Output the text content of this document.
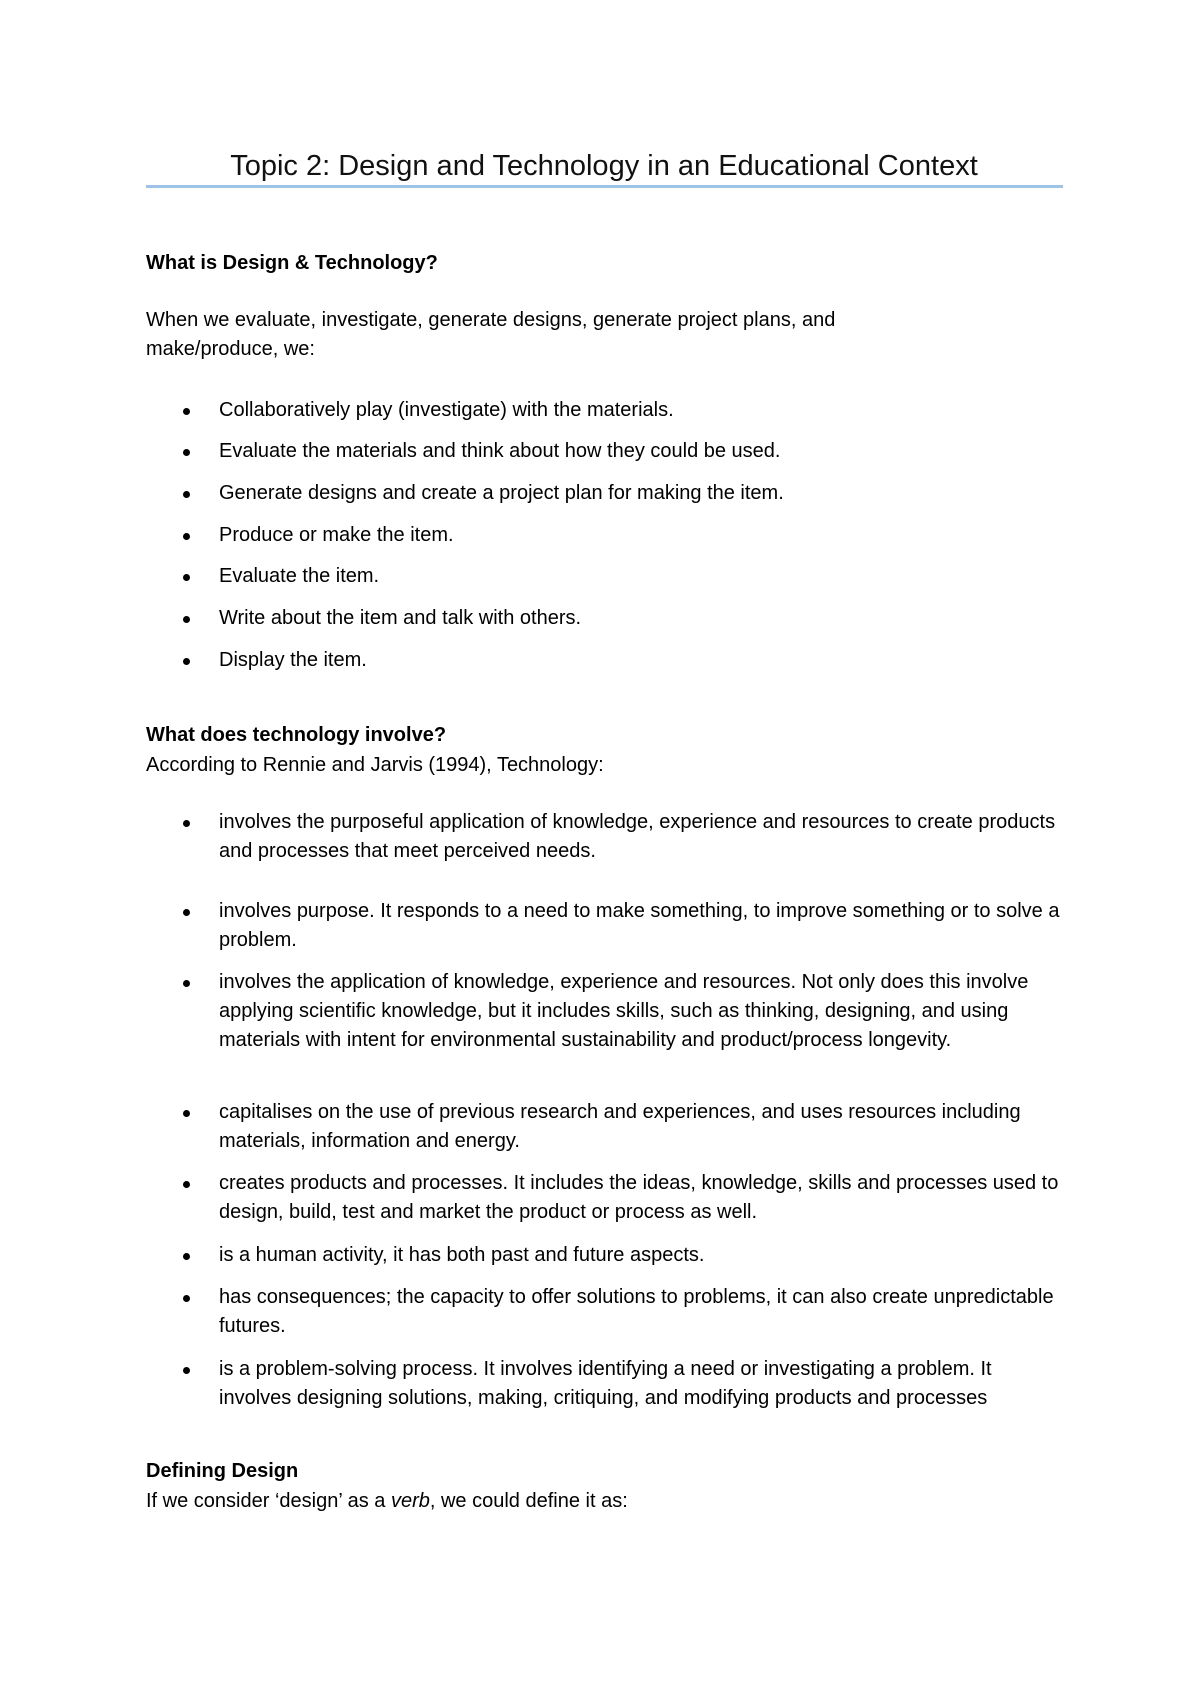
Topic 2: Design and Technology in an Educational Context
What is Design & Technology?

When we evaluate, investigate, generate designs, generate project plans, and

make/produce, we:

Collaboratively play (investigate) with the materials.
Evaluate the materials and think about how they could be used.
Generate designs and create a project plan for making the item.
Produce or make the item.
Evaluate the item.
Write about the item and talk with others.
Display the item.
What does technology involve?

According to Rennie and Jarvis (1994), Technology:

involves the purposeful application of knowledge, experience and resources to create products and processes that meet perceived needs.
involves purpose. It responds to a need to make something, to improve something or to solve a problem.
involves the application of knowledge, experience and resources. Not only does this involve applying scientific knowledge, but it includes skills, such as thinking, designing, and using materials with intent for environmental sustainability and product/process longevity.
capitalises on the use of previous research and experiences, and uses resources including materials, information and energy.
creates products and processes. It includes the ideas, knowledge, skills and processes used to design, build, test and market the product or process as well.
is a human activity, it has both past and future aspects.
has consequences; the capacity to offer solutions to problems, it can also create unpredictable futures.
is a problem-solving process. It involves identifying a need or investigating a problem. It involves designing solutions, making, critiquing, and modifying products and processes
Defining Design

If we consider ‘design’ as a verb, we could define it as:
